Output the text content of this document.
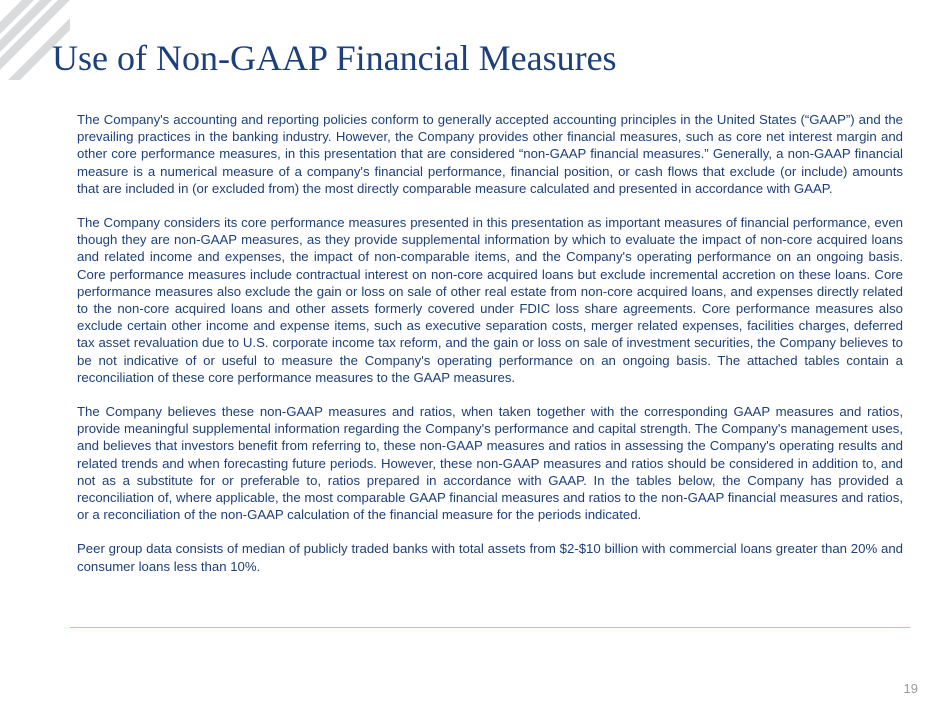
Use of Non-GAAP Financial Measures

The Company's accounting and reporting policies conform to generally accepted accounting principles in the United States (“GAAP”) and the prevailing practices in the banking industry. However, the Company provides other financial measures, such as core net interest margin and other core performance measures, in this presentation that are considered “non-GAAP financial measures.” Generally, a non-GAAP financial measure is a numerical measure of a company's financial performance, financial position, or cash flows that exclude (or include) amounts that are included in (or excluded from) the most directly comparable measure calculated and presented in accordance with GAAP.

The Company considers its core performance measures presented in this presentation as important measures of financial performance, even though they are non-GAAP measures, as they provide supplemental information by which to evaluate the impact of non-core acquired loans and related income and expenses, the impact of non-comparable items, and the Company's operating performance on an ongoing basis. Core performance measures include contractual interest on non-core acquired loans but exclude incremental accretion on these loans. Core performance measures also exclude the gain or loss on sale of other real estate from non-core acquired loans, and expenses directly related to the non-core acquired loans and other assets formerly covered under FDIC loss share agreements. Core performance measures also exclude certain other income and expense items, such as executive separation costs, merger related expenses, facilities charges, deferred tax asset revaluation due to U.S. corporate income tax reform, and the gain or loss on sale of investment securities, the Company believes to be not indicative of or useful to measure the Company's operating performance on an ongoing basis. The attached tables contain a reconciliation of these core performance measures to the GAAP measures.

The Company believes these non-GAAP measures and ratios, when taken together with the corresponding GAAP measures and ratios, provide meaningful supplemental information regarding the Company's performance and capital strength. The Company's management uses, and believes that investors benefit from referring to, these non-GAAP measures and ratios in assessing the Company's operating results and related trends and when forecasting future periods. However, these non-GAAP measures and ratios should be considered in addition to, and not as a substitute for or preferable to, ratios prepared in accordance with GAAP. In the tables below, the Company has provided a reconciliation of, where applicable, the most comparable GAAP financial measures and ratios to the non-GAAP financial measures and ratios, or a reconciliation of the non-GAAP calculation of the financial measure for the periods indicated.

Peer group data consists of median of publicly traded banks with total assets from $2-$10 billion with commercial loans greater than 20% and consumer loans less than 10%.

19
